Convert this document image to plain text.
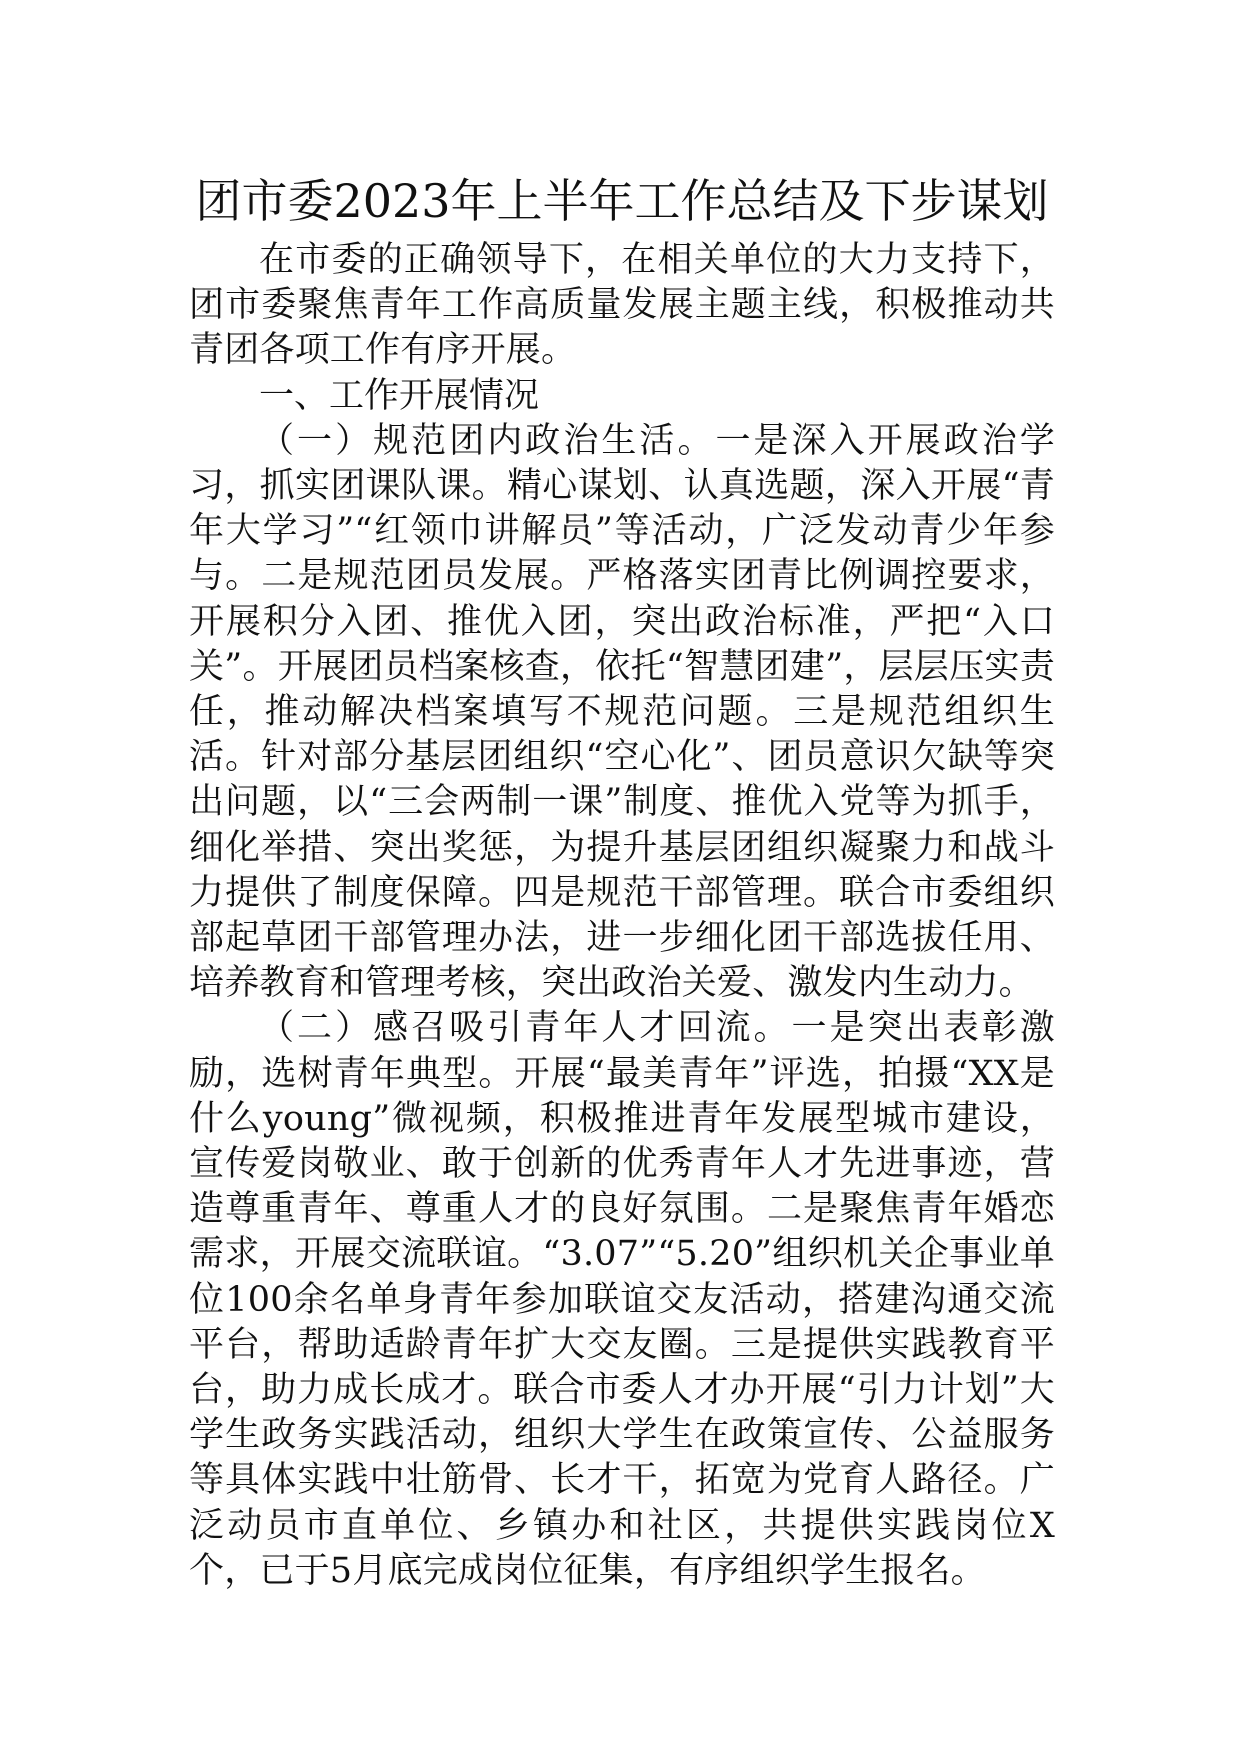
团市委2023年上半年工作总结及下步谋划

在市委的正确领导下，在相关单位的大力支持下，团市委聚焦青年工作高质量发展主题主线，积极推动共青团各项工作有序开展。

一、工作开展情况

（一）规范团内政治生活。一是深入开展政治学习，抓实团课队课。精心谋划、认真选题，深入开展“青年大学习”“红领巾讲解员”等活动，广泛发动青少年参与。二是规范团员发展。严格落实团青比例调控要求，开展积分入团、推优入团，突出政治标准，严把“入口关”。开展团员档案核查，依托“智慧团建”，层层压实责任，推动解决档案填写不规范问题。三是规范组织生活。针对部分基层团组织“空心化”、团员意识欠缺等突出问题，以“三会两制一课”制度、推优入党等为抓手，细化举措、突出奖惩，为提升基层团组织凝聚力和战斗力提供了制度保障。四是规范干部管理。联合市委组织部起草团干部管理办法，进一步细化团干部选拔任用、培养教育和管理考核，突出政治关爱、激发内生动力。

（二）感召吸引青年人才回流。一是突出表彰激励，选树青年典型。开展“最美青年”评选，拍摄“XX是什么young”微视频，积极推进青年发展型城市建设，宣传爱岗敬业、敢于创新的优秀青年人才先进事迹，营造尊重青年、尊重人才的良好氛围。二是聚焦青年婚恋需求，开展交流联谊。“3.07”“5.20”组织机关企事业单位100余名单身青年参加联谊交友活动，搭建沟通交流平台，帮助适龄青年扩大交友圈。三是提供实践教育平台，助力成长成才。联合市委人才办开展“引力计划”大学生政务实践活动，组织大学生在政策宣传、公益服务等具体实践中壮筋骨、长才干，拓宽为党育人路径。广泛动员市直单位、乡镇办和社区，共提供实践岗位X个，已于5月底完成岗位征集，有序组织学生报名。
